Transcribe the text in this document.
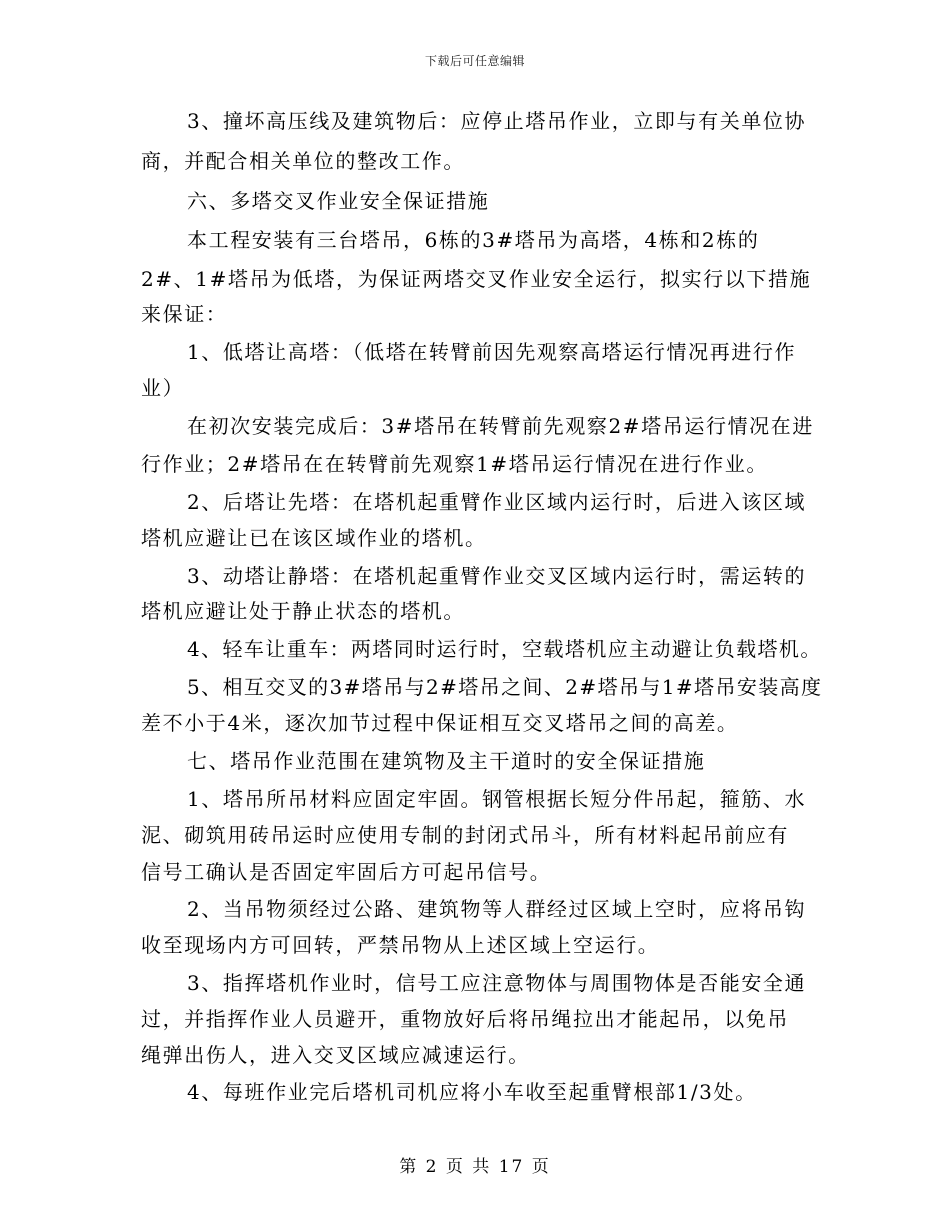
下载后可任意编辑
3、撞坏高压线及建筑物后：应停止塔吊作业，立即与有关单位协
商，并配合相关单位的整改工作。
六、多塔交叉作业安全保证措施
本工程安装有三台塔吊，6栋的3#塔吊为高塔，4栋和2栋的
2#、1#塔吊为低塔，为保证两塔交叉作业安全运行，拟实行以下措施
来保证：
1、低塔让高塔：（低塔在转臂前因先观察高塔运行情况再进行作
业）
在初次安装完成后：3#塔吊在转臂前先观察2#塔吊运行情况在进
行作业；2#塔吊在在转臂前先观察1#塔吊运行情况在进行作业。
2、后塔让先塔：在塔机起重臂作业区域内运行时，后进入该区域
塔机应避让已在该区域作业的塔机。
3、动塔让静塔：在塔机起重臂作业交叉区域内运行时，需运转的
塔机应避让处于静止状态的塔机。
4、轻车让重车：两塔同时运行时，空载塔机应主动避让负载塔机。
5、相互交叉的3#塔吊与2#塔吊之间、2#塔吊与1#塔吊安装高度
差不小于4米，逐次加节过程中保证相互交叉塔吊之间的高差。
七、塔吊作业范围在建筑物及主干道时的安全保证措施
1、塔吊所吊材料应固定牢固。钢管根据长短分件吊起，箍筋、水
泥、砌筑用砖吊运时应使用专制的封闭式吊斗，所有材料起吊前应有
信号工确认是否固定牢固后方可起吊信号。
2、当吊物须经过公路、建筑物等人群经过区域上空时，应将吊钩
收至现场内方可回转，严禁吊物从上述区域上空运行。
3、指挥塔机作业时，信号工应注意物体与周围物体是否能安全通
过，并指挥作业人员避开，重物放好后将吊绳拉出才能起吊，以免吊
绳弹出伤人，进入交叉区域应减速运行。
4、每班作业完后塔机司机应将小车收至起重臂根部1/3处。
第 2 页 共 17 页
